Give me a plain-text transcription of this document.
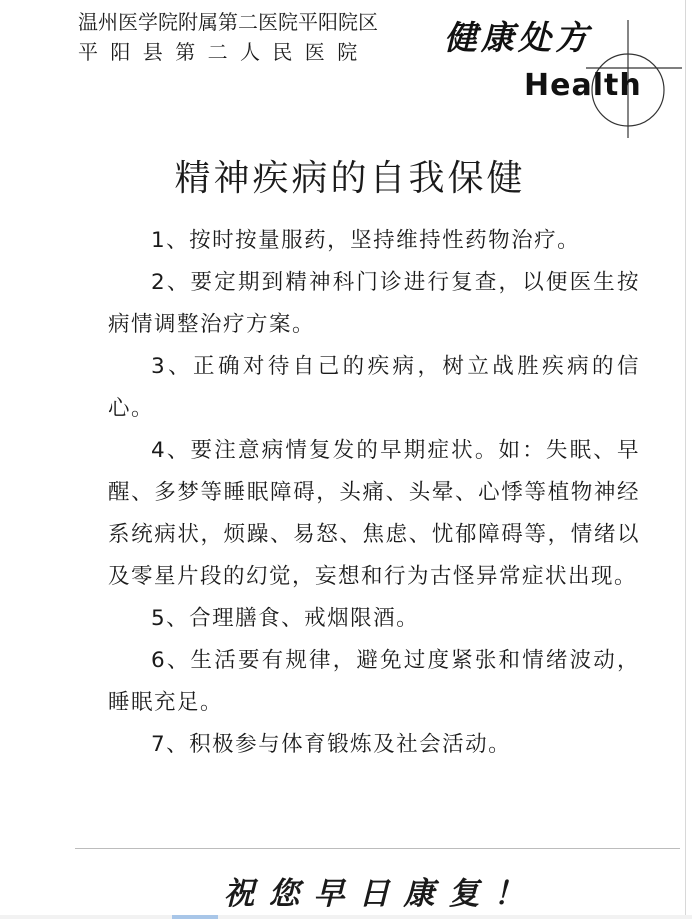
温州医学院附属第二医院平阳院区
平阳县第二人民医院 健康处方
Health
精神疾病的自我保健

1、按时按量服药，坚持维持性药物治疗。

2、要定期到精神科门诊进行复查，以便医生按病情调整治疗方案。

3、正确对待自己的疾病，树立战胜疾病的信心。

4、要注意病情复发的早期症状。如：失眠、早醒、多梦等睡眠障碍，头痛、头晕、心悸等植物神经系统病状，烦躁、易怒、焦虑、忧郁障碍等，情绪以及零星片段的幻觉，妄想和行为古怪异常症状出现。

5、合理膳食、戒烟限酒。

6、生活要有规律，避免过度紧张和情绪波动，睡眠充足。

7、积极参与体育锻炼及社会活动。

祝您早日康复！
